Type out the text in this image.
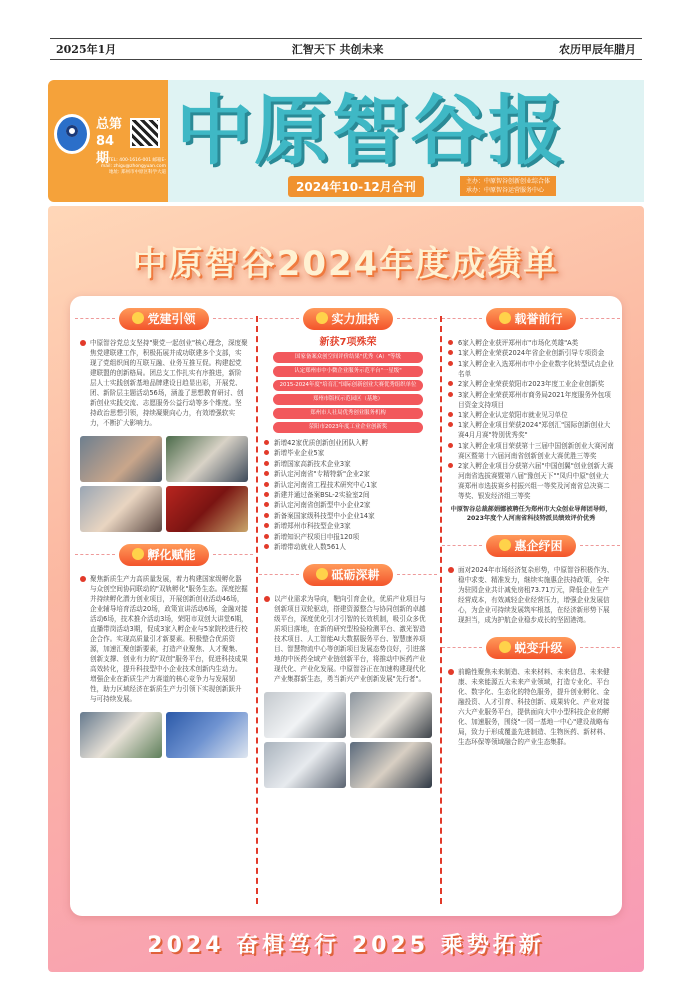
2025年1月	汇智天下 共创未来	农历甲辰年腊月
总第84期
电话TEL: 400-1616-001 邮箱E-mail: zhigu@zhongyuan.com 地址: 郑州市中原区科学大道 中原智谷报
2024年10-12月合刊	主办：中原智谷创新创业综合体
承办：中原智谷运营服务中心
中原智谷2024年度成绩单
党建引领
中原智谷党总支坚持"聚党一起创业"核心理念，深度聚焦党建联建工作，积极拓展并成功联建多个支部，实现了党组织间的互联互融、业务互推互促。构建起党建联盟的创新格局。团总支工作扎实有序推进，新阶层人士实践创新基地品牌建设日趋显出彩，开展党、团、新阶层主题活动56场，涵盖了思想教育研讨、创新创业实践交流、志愿服务公益行动等多个维度。坚持政治思想引领，持续凝聚向心力，有效增强软实力，不断扩大影响力。
孵化赋能
聚焦新质生产力高质量发展，着力构建国家级孵化器与众创空间协同联动的"双轨孵化"服务生态。深度挖掘并持续孵化潜力创业项目，开展创新创业活动46场，企业辅导培育活动20场，政策宣讲活动6场，金融对接活动6场，技术推介活动3场，荣阳市双创大讲堂6期，直播带岗活动3期，促成3家入孵企业与5家院校进行校企合作。实现高质量引才新要素。积极整合优质资源，加速汇聚创新要素，打造产业聚焦、人才聚集、创新支撑、创业有力的"双创"服务平台，促进科技成果高效转化，提升科技型中小企业技术创新内生动力。增强企业在新质生产力赛道的核心竞争力与发展韧性，助力区域经济在新质生产力引领下实现创新跃升与可持续发展。
实力加持
新获7项殊荣
国家备案众创空间评价结果"优秀（A）"等级
认定郑州市中小微企业服务示范平台"一星级"
2015-2024年度"培育汇"国际创新创业大赛优秀组织单位
郑州市版权示范园区（基地）
郑州市人社局优秀创业服务机构
荥阳市2023年度工业企业创新奖
新增42家优质创新创业团队入孵
新增毕业企业5家
新增国家高新技术企业3家
新认定河南省"专精特新"企业2家
新认定河南省工程技术研究中心1家
新建并通过备案BSL-2实验室2间
新认定河南省创新型中小企业2家
新备案国家级科技型中小企业14家
新增郑州市科技型企业3家
新增知识产权项目申报120项
新增带动就业人数561人
砥砺深耕
以产业需求为导向，靶向引育企业，优质产业项目与创新项目双轮驱动，搭建资源整合与协同创新的卓越级平台，深度优化引才引智的长效机制，吸引众多优质项目落地，在新的研究型检验检测平台、激光智造技术项目、人工智能AI大数据服务平台、智慧康养项目、智慧物流中心等创新项目发展态势良好，引进落地的中医药全域产业链创新平台，将推动中医药产业现代化、产业化发展。中原智谷正在加速构建现代化产业集群新生态，勇当新兴产业创新发展"先行者"。
载誉前行
6家入孵企业获评郑州市"市场化英雄"A类
1家入孵企业荣获2024年省企业创新引导专项资金
1家入孵企业入选郑州市中小企业数字化转型试点企业名单
2家入孵企业荣获荥阳市2023年度工业企业创新奖
3家入孵企业荣获郑州市商务局2021年度服务外包项目资金支持项目
1家入孵企业认定荥阳市就业见习单位
1家入孵企业项目荣获2024"郑创汇"国际创新创业大赛4月月赛"特别优秀奖"
1家入孵企业项目荣获第十三届中国创新创业大赛河南赛区暨第十六届河南省创新创业大赛优胜三等奖
2家入孵企业项目分获第六届"中国创翼"创业创新大赛河南省选拔赛暨第八届"豫创天下""凤归中原"创业大赛郑州市选拔赛乡村振兴组一等奖及河南省总决赛二等奖、银发经济组三等奖
中原智谷总裁郝娟娜被聘任为郑州市大众创业导师团导师，2023年度个人河南省科技特派员绩效评价优秀
惠企纾困
面对2024年市场经济复杂形势，中原智谷积极作为、稳中求变、精准发力，继续实施惠企扶持政策，全年为驻园企业共计减免房租73.71万元，降低企业生产经营成本，有效减轻企业经营压力，增强企业发展信心，为企业可持续发展筑牢根基，在经济新形势下展现担当，成为护航企业稳步成长的坚固港湾。
蜕变升级
前瞻性聚焦未来制造、未来材料、未来信息、未来健康、未来能源五大未来产业领域，打造专业化、平台化、数字化、生态化的特色服务，提升创业孵化、金融投资、人才引育、科技创新、成果转化、产业对接六大产业服务平台，提供面向大中小型科技企业的孵化、加速服务，围绕"一园一基地一中心"建设战略布局，致力于形成覆盖先进制造、生物医药、新材料、生态环保等领域融合的产业生态集群。
2024 奋楫笃行 2025 乘势拓新
